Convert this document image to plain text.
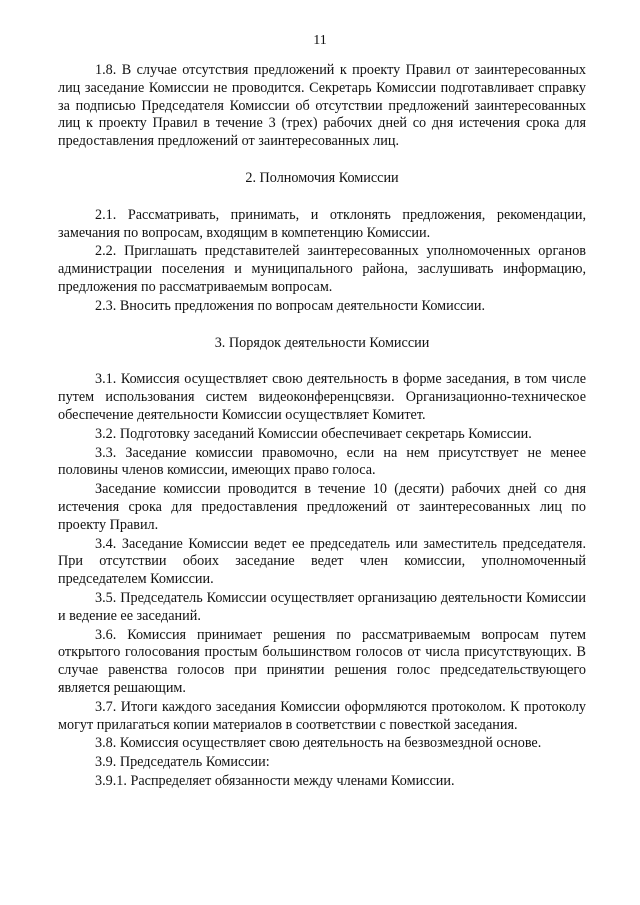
11

1.8. В случае отсутствия предложений к проекту Правил от заинтересованных лиц заседание Комиссии не проводится. Секретарь Комиссии подготавливает справку за подписью Председателя Комиссии об отсутствии предложений заинтересованных лиц к проекту Правил в течение 3 (трех) рабочих дней со дня истечения срока для предоставления предложений от заинтересованных лиц.

2. Полномочия Комиссии

2.1. Рассматривать, принимать, и отклонять предложения, рекомендации, замечания по вопросам, входящим в компетенцию Комиссии.

2.2. Приглашать представителей заинтересованных уполномоченных органов администрации поселения и муниципального района, заслушивать информацию, предложения по рассматриваемым вопросам.

2.3. Вносить предложения по вопросам деятельности Комиссии.

3. Порядок деятельности Комиссии

3.1. Комиссия осуществляет свою деятельность в форме заседания, в том числе путем использования систем видеоконференцсвязи. Организационно-техническое обеспечение деятельности Комиссии осуществляет Комитет.

3.2. Подготовку заседаний Комиссии обеспечивает секретарь Комиссии.

3.3. Заседание комиссии правомочно, если на нем присутствует не менее половины членов комиссии, имеющих право голоса.

Заседание комиссии проводится в течение 10 (десяти) рабочих дней со дня истечения срока для предоставления предложений от заинтересованных лиц по проекту Правил.

3.4. Заседание Комиссии ведет ее председатель или заместитель председателя. При отсутствии обоих заседание ведет член комиссии, уполномоченный председателем Комиссии.

3.5. Председатель Комиссии осуществляет организацию деятельности Комиссии и ведение ее заседаний.

3.6. Комиссия принимает решения по рассматриваемым вопросам путем открытого голосования простым большинством голосов от числа присутствующих. В случае равенства голосов при принятии решения голос председательствующего является решающим.

3.7. Итоги каждого заседания Комиссии оформляются протоколом. К протоколу могут прилагаться копии материалов в соответствии с повесткой заседания.

3.8. Комиссия осуществляет свою деятельность на безвозмездной основе.

3.9. Председатель Комиссии:

3.9.1. Распределяет обязанности между членами Комиссии.
